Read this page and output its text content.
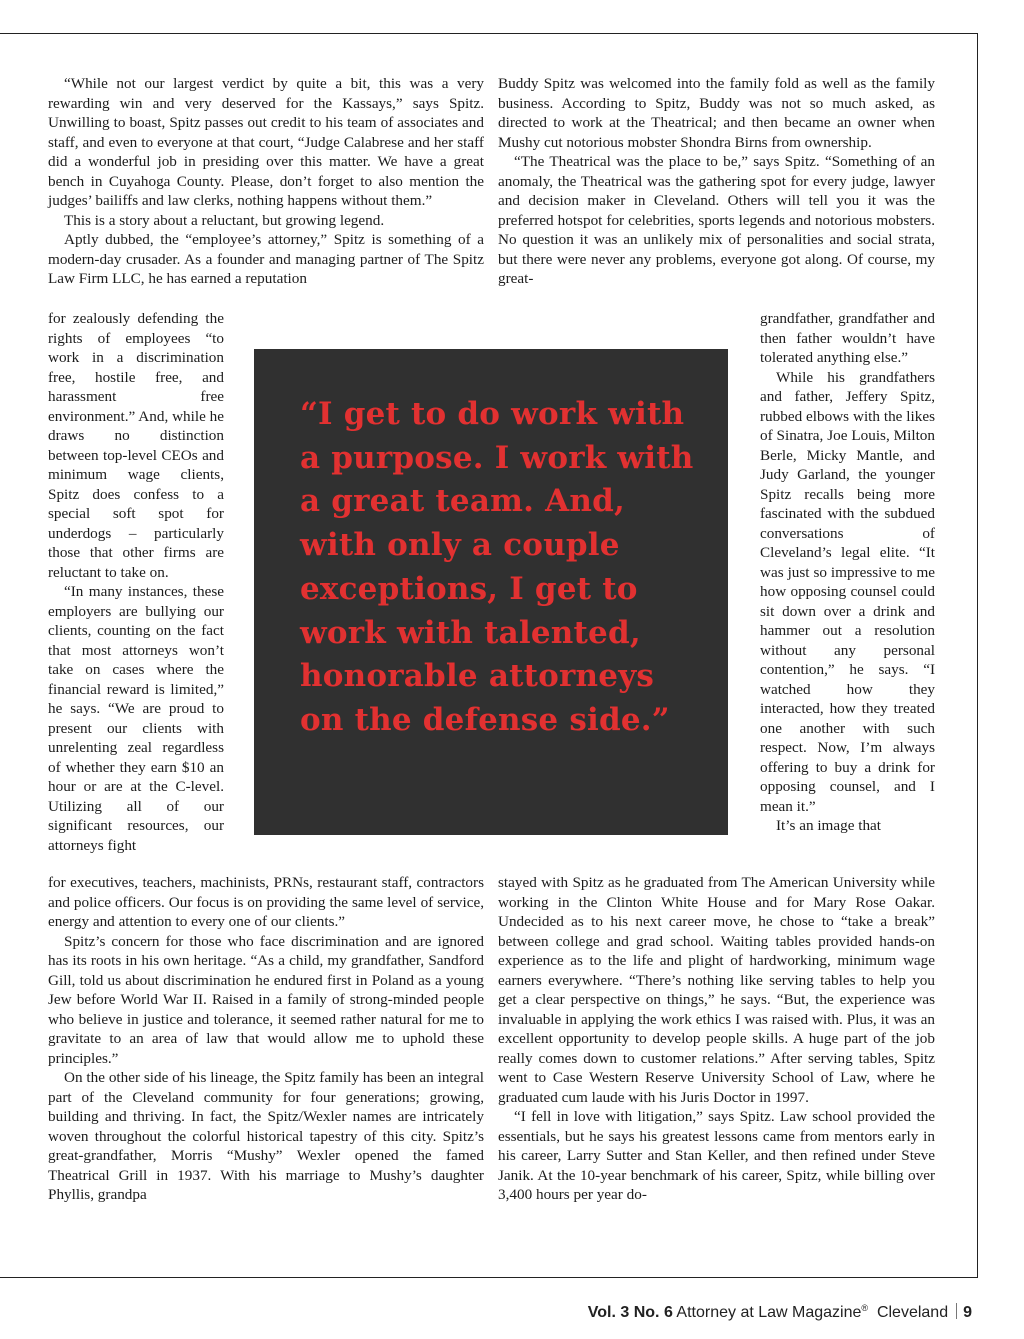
“While not our largest verdict by quite a bit, this was a very rewarding win and very deserved for the Kassays,” says Spitz. Unwilling to boast, Spitz passes out credit to his team of associates and staff, and even to everyone at that court, “Judge Calabrese and her staff did a wonderful job in presiding over this matter. We have a great bench in Cuyahoga County. Please, don’t forget to also mention the judges’ bailiffs and law clerks, nothing happens without them.”

This is a story about a reluctant, but growing legend.

Aptly dubbed, the “employee’s attorney,” Spitz is something of a modern-day crusader. As a founder and managing partner of The Spitz Law Firm LLC, he has earned a reputation

for zealously defending the rights of employees “to work in a discrimination free, hostile free, and harassment free environment.” And, while he draws no distinction between top-level CEOs and minimum wage clients, Spitz does confess to a special soft spot for underdogs – particularly those that other firms are reluctant to take on.

“In many instances, these employers are bullying our clients, counting on the fact that most attorneys won’t take on cases where the financial reward is limited,” he says. “We are proud to present our clients with unrelenting zeal regardless of whether they earn $10 an hour or are at the C-level. Utilizing all of our significant resources, our attorneys fight

for executives, teachers, machinists, PRNs, restaurant staff, contractors and police officers. Our focus is on providing the same level of service, energy and attention to every one of our clients.”

Spitz’s concern for those who face discrimination and are ignored has its roots in his own heritage. “As a child, my grandfather, Sandford Gill, told us about discrimination he endured first in Poland as a young Jew before World War II. Raised in a family of strong-minded people who believe in justice and tolerance, it seemed rather natural for me to gravitate to an area of law that would allow me to uphold these principles.”

On the other side of his lineage, the Spitz family has been an integral part of the Cleveland community for four generations; growing, building and thriving. In fact, the Spitz/Wexler names are intricately woven throughout the colorful historical tapestry of this city. Spitz’s great-grandfather, Morris “Mushy” Wexler opened the famed Theatrical Grill in 1937. With his marriage to Mushy’s daughter Phyllis, grandpa

Buddy Spitz was welcomed into the family fold as well as the family business. According to Spitz, Buddy was not so much asked, as directed to work at the Theatrical; and then became an owner when Mushy cut notorious mobster Shondra Birns from ownership.

“The Theatrical was the place to be,” says Spitz. “Something of an anomaly, the Theatrical was the gathering spot for every judge, lawyer and decision maker in Cleveland. Others will tell you it was the preferred hotspot for celebrities, sports legends and notorious mobsters. No question it was an unlikely mix of personalities and social strata, but there were never any problems, everyone got along. Of course, my great-

grandfather, grandfather and then father wouldn’t have tolerated anything else.”

While his grandfathers and father, Jeffery Spitz, rubbed elbows with the likes of Sinatra, Joe Louis, Milton Berle, Micky Mantle, and Judy Garland, the younger Spitz recalls being more fascinated with the subdued conversations of Cleveland’s legal elite. “It was just so impressive to me how opposing counsel could sit down over a drink and hammer out a resolution without any personal contention,” he says. “I watched how they interacted, how they treated one another with such respect. Now, I’m always offering to buy a drink for opposing counsel, and I mean it.”

It’s an image that

stayed with Spitz as he graduated from The American University while working in the Clinton White House and for Mary Rose Oakar. Undecided as to his next career move, he chose to “take a break” between college and grad school. Waiting tables provided hands-on experience as to the life and plight of hardworking, minimum wage earners everywhere. “There’s nothing like serving tables to help you get a clear perspective on things,” he says. “But, the experience was invaluable in applying the work ethics I was raised with. Plus, it was an excellent opportunity to develop people skills. A huge part of the job really comes down to customer relations.” After serving tables, Spitz went to Case Western Reserve University School of Law, where he graduated cum laude with his Juris Doctor in 1997.

“I fell in love with litigation,” says Spitz. Law school provided the essentials, but he says his greatest lessons came from mentors early in his career, Larry Sutter and Stan Keller, and then refined under Steve Janik. At the 10-year benchmark of his career, Spitz, while billing over 3,400 hours per year do-

“I get to do work with a purpose. I work with a great team. And, with only a couple exceptions, I get to work with talented, honorable attorneys on the defense side.”

Vol. 3 No. 6 Attorney at Law Magazine® Cleveland 9
